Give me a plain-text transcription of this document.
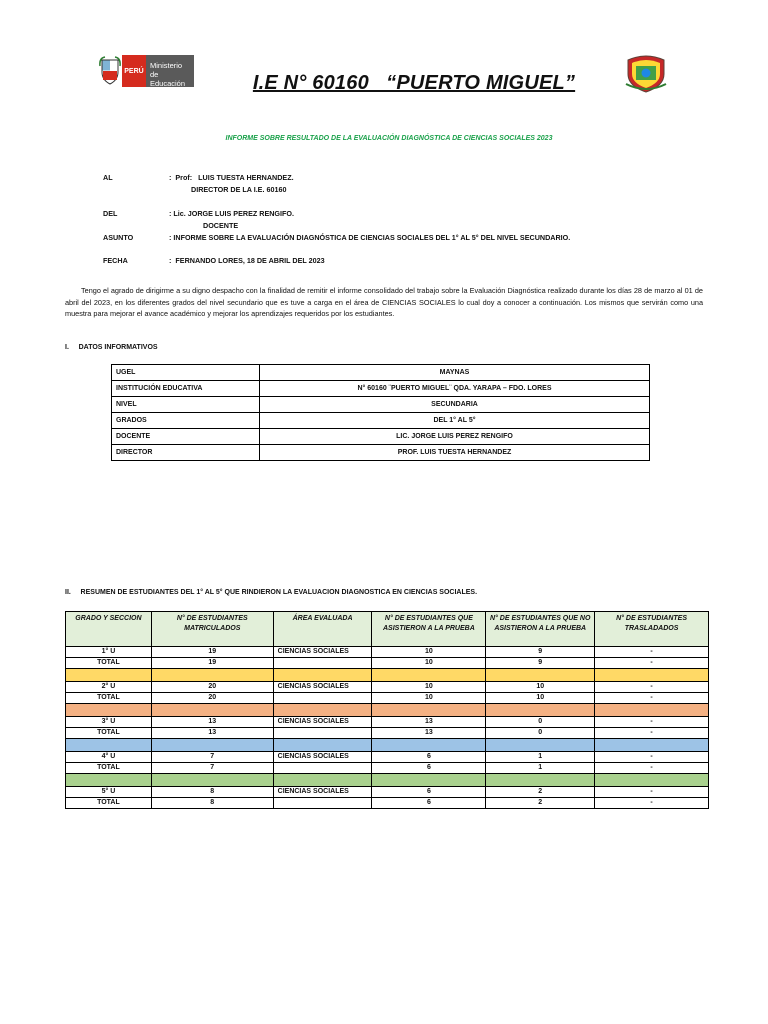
PERÚ
Ministerio
de Educación	I.E N° 60160   “PUERTO MIGUEL”
INFORME SOBRE RESULTADO DE LA EVALUACIÓN DIAGNÓSTICA DE CIENCIAS SOCIALES 2023
AL	:  Prof:   LUIS TUESTA HERNANDEZ.
DIRECTOR DE LA I.E. 60160
DEL	: Lic. JORGE LUIS PEREZ RENGIFO.
DOCENTE
ASUNTO	: INFORME SOBRE LA EVALUACIÓN DIAGNÓSTICA DE CIENCIAS SOCIALES DEL 1° AL 5° DEL NIVEL SECUNDARIO.
FECHA	:  FERNANDO LORES, 18 DE ABRIL DEL 2023
Tengo el agrado de dirigirme a su digno despacho con la finalidad de remitir el informe consolidado del trabajo sobre la Evaluación Diagnóstica realizado durante los días 28 de marzo al 01 de abril del 2023, en los diferentes grados del nivel secundario que es tuve a carga en el área de CIENCIAS SOCIALES lo cual doy a conocer a continuación. Los mismos que servirán como una muestra para mejorar el avance académico y mejorar los aprendizajes requeridos por los estudiantes.
I.     DATOS INFORMATIVOS
UGEL	MAYNAS
INSTITUCIÓN EDUCATIVA	N° 60160 ¨PUERTO MIGUEL¨ QDA. YARAPA – FDO. LORES
NIVEL	SECUNDARIA
GRADOS	DEL 1° AL 5°
DOCENTE	LIC. JORGE LUIS PEREZ RENGIFO
DIRECTOR	PROF. LUIS TUESTA HERNANDEZ
II.     RESUMEN DE ESTUDIANTES DEL 1° AL 5° QUE RINDIERON LA EVALUACION DIAGNOSTICA EN CIENCIAS SOCIALES.
GRADO Y SECCION	N° DE ESTUDIANTES MATRICULADOS	ÁREA EVALUADA	N° DE ESTUDIANTES QUE ASISTIERON A LA PRUEBA	N° DE ESTUDIANTES QUE NO ASISTIERON A LA PRUEBA	N° DE ESTUDIANTES TRASLADADOS
1° U	19	CIENCIAS SOCIALES	10	9	-
TOTAL	19		10	9	-

2° U	20	CIENCIAS SOCIALES	10	10	-
TOTAL	20		10	10	-

3° U	13	CIENCIAS SOCIALES	13	0	-
TOTAL	13		13	0	-

4° U	7	CIENCIAS SOCIALES	6	1	-
TOTAL	7		6	1	-

5° U	8	CIENCIAS SOCIALES	6	2	-
TOTAL	8		6	2	-
